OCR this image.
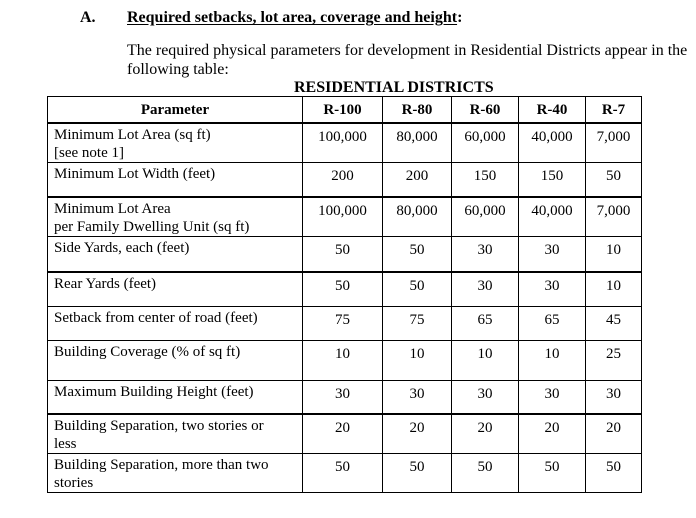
A. Required setbacks, lot area, coverage and height:
The required physical parameters for development in Residential Districts appear in the following table:
RESIDENTIAL DISTRICTS
Parameter	R-100	R-80	R-60	R-40	R-7
Minimum Lot Area (sq ft)
[see note 1]	100,000	80,000	60,000	40,000	7,000
Minimum Lot Width (feet)	200	200	150	150	50
Minimum Lot Area
per Family Dwelling Unit (sq ft)	100,000	80,000	60,000	40,000	7,000
Side Yards, each (feet)	50	50	30	30	10
Rear Yards (feet)	50	50	30	30	10
Setback from center of road (feet)	75	75	65	65	45
Building Coverage (% of sq ft)	10	10	10	10	25
Maximum Building Height (feet)	30	30	30	30	30
Building Separation, two stories or
less	20	20	20	20	20
Building Separation, more than two
stories	50	50	50	50	50
